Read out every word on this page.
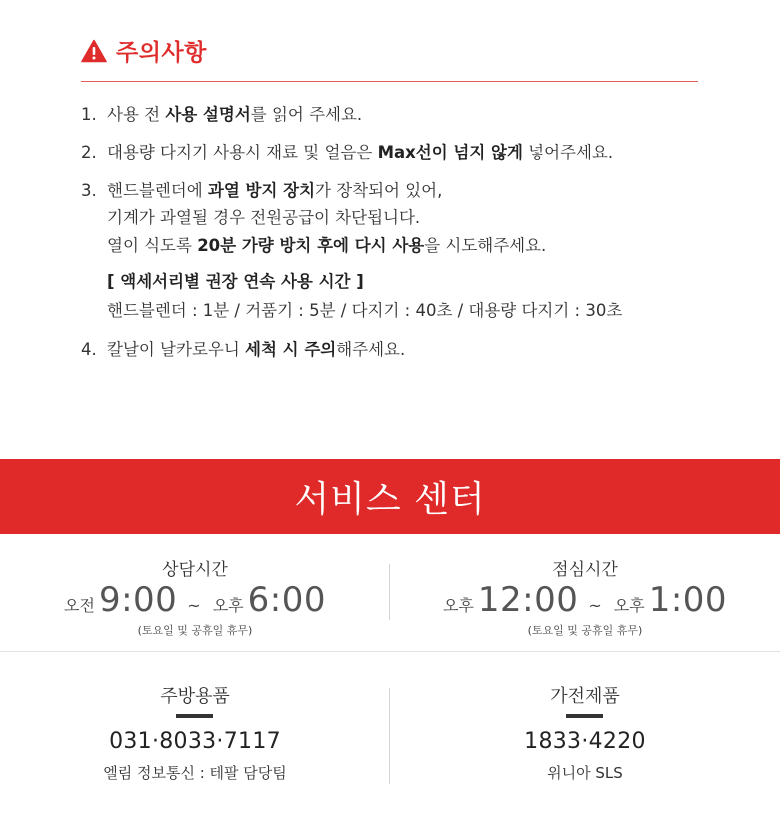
주의사항
1. 사용 전 사용 설명서를 읽어 주세요.
2. 대용량 다지기 사용시 재료 및 얼음은 Max선이 넘지 않게 넣어주세요.
3. 핸드블렌더에 과열 방지 장치가 장착되어 있어,
기계가 과열될 경우 전원공급이 차단됩니다.
열이 식도록 20분 가량 방치 후에 다시 사용을 시도해주세요.
[ 액세서리별 권장 연속 사용 시간 ]
핸드블렌더 : 1분 / 거품기 : 5분 / 다지기 : 40초 / 대용량 다지기 : 30초
4. 칼날이 날카로우니 세척 시 주의해주세요.
서비스 센터
상담시간
오전 9:00 ~ 오후 6:00
(토요일 및 공휴일 휴무)
점심시간
오후 12:00 ~ 오후 1:00
(토요일 및 공휴일 휴무)
주방용품
031·8033·7117
엘림 정보통신 : 테팔 담당팀
가전제품
1833·4220
위니아 SLS
